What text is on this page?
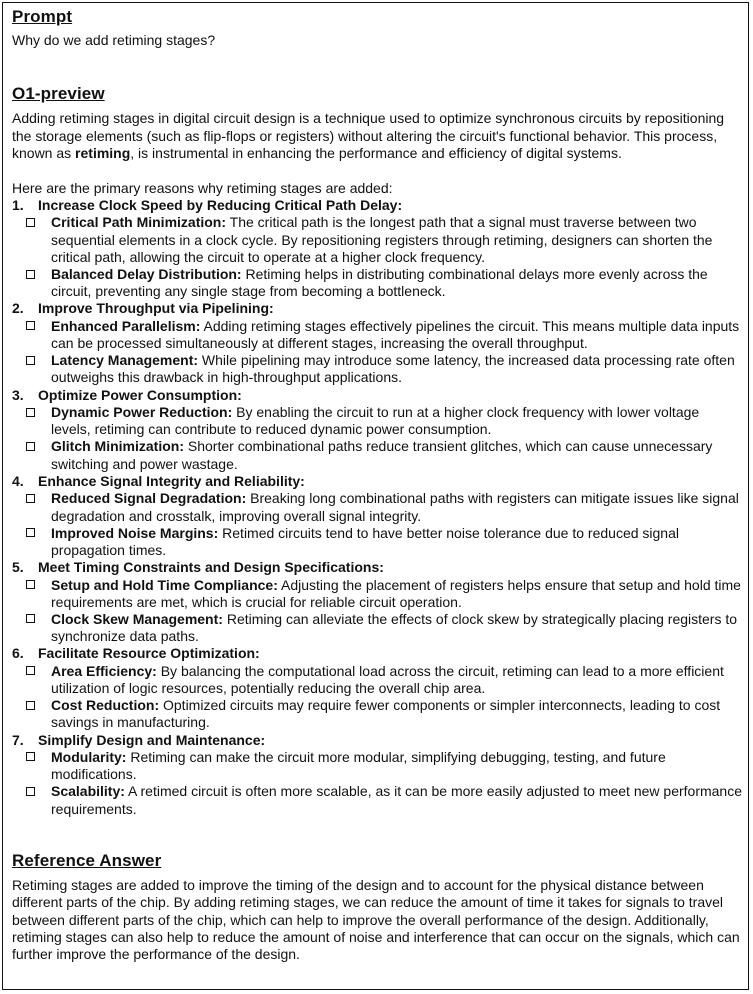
Prompt
Why do we add retiming stages?
O1-preview
Adding retiming stages in digital circuit design is a technique used to optimize synchronous circuits by repositioning the storage elements (such as flip-flops or registers) without altering the circuit's functional behavior. This process, known as retiming, is instrumental in enhancing the performance and efficiency of digital systems.
Here are the primary reasons why retiming stages are added:
1.	Increase Clock Speed by Reducing Critical Path Delay:
Critical Path Minimization: The critical path is the longest path that a signal must traverse between two sequential elements in a clock cycle. By repositioning registers through retiming, designers can shorten the critical path, allowing the circuit to operate at a higher clock frequency.
Balanced Delay Distribution: Retiming helps in distributing combinational delays more evenly across the circuit, preventing any single stage from becoming a bottleneck.
2.	Improve Throughput via Pipelining:
Enhanced Parallelism: Adding retiming stages effectively pipelines the circuit. This means multiple data inputs can be processed simultaneously at different stages, increasing the overall throughput.
Latency Management: While pipelining may introduce some latency, the increased data processing rate often outweighs this drawback in high-throughput applications.
3.	Optimize Power Consumption:
Dynamic Power Reduction: By enabling the circuit to run at a higher clock frequency with lower voltage levels, retiming can contribute to reduced dynamic power consumption.
Glitch Minimization: Shorter combinational paths reduce transient glitches, which can cause unnecessary switching and power wastage.
4.	Enhance Signal Integrity and Reliability:
Reduced Signal Degradation: Breaking long combinational paths with registers can mitigate issues like signal degradation and crosstalk, improving overall signal integrity.
Improved Noise Margins: Retimed circuits tend to have better noise tolerance due to reduced signal propagation times.
5.	Meet Timing Constraints and Design Specifications:
Setup and Hold Time Compliance: Adjusting the placement of registers helps ensure that setup and hold time requirements are met, which is crucial for reliable circuit operation.
Clock Skew Management: Retiming can alleviate the effects of clock skew by strategically placing registers to synchronize data paths.
6.	Facilitate Resource Optimization:
Area Efficiency: By balancing the computational load across the circuit, retiming can lead to a more efficient utilization of logic resources, potentially reducing the overall chip area.
Cost Reduction: Optimized circuits may require fewer components or simpler interconnects, leading to cost savings in manufacturing.
7.	Simplify Design and Maintenance:
Modularity: Retiming can make the circuit more modular, simplifying debugging, testing, and future modifications.
Scalability: A retimed circuit is often more scalable, as it can be more easily adjusted to meet new performance requirements.
Reference Answer
Retiming stages are added to improve the timing of the design and to account for the physical distance between different parts of the chip. By adding retiming stages, we can reduce the amount of time it takes for signals to travel between different parts of the chip, which can help to improve the overall performance of the design. Additionally, retiming stages can also help to reduce the amount of noise and interference that can occur on the signals, which can further improve the performance of the design.
